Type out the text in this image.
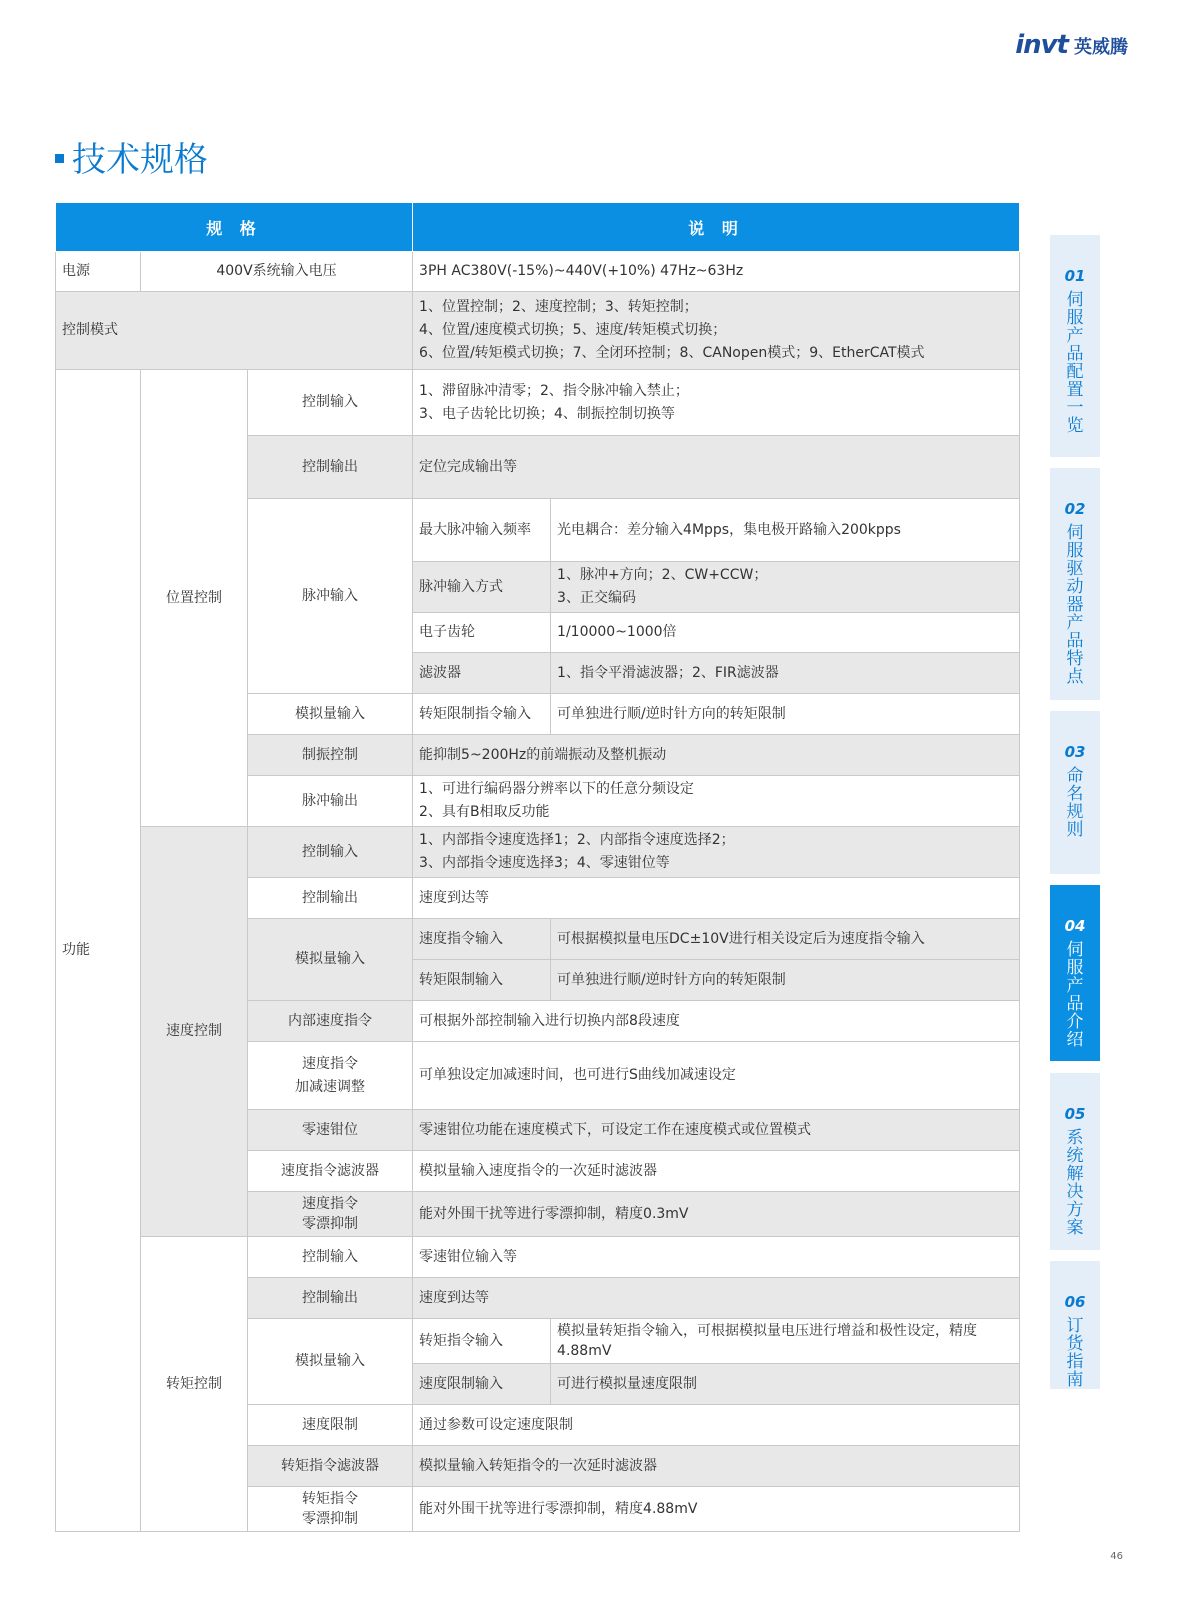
invt 英威腾
技术规格
规 格			说 明	
电源	400V系统输入电压		3PH AC380V(-15%)~440V(+10%) 47Hz~63Hz	
控制模式			1、位置控制；2、速度控制；3、转矩控制；
4、位置/速度模式切换；5、速度/转矩模式切换；
6、位置/转矩模式切换；7、全闭环控制；8、CANopen模式；9、EtherCAT模式	

功能	位置控制	控制输入	1、滞留脉冲清零；2、指令脉冲输入禁止；
3、电子齿轮比切换；4、制振控制切换等	

		控制输出	定位完成输出等	
		脉冲输入	最大脉冲输入频率	光电耦合：差分输入4Mpps，集电极开路输入200kpps
			脉冲输入方式	1、脉冲+方向；2、CW+CCW；
3、正交编码

			电子齿轮	1/10000~1000倍
			滤波器	1、指令平滑滤波器；2、FIR滤波器
		模拟量输入	转矩限制指令输入	可单独进行顺/逆时针方向的转矩限制
		制振控制	能抑制5~200Hz的前端振动及整机振动	
		脉冲输出	1、可进行编码器分辨率以下的任意分频设定
2、具有B相取反功能	

	速度控制	控制输入	1、内部指令速度选择1；2、内部指令速度选择2；
3、内部指令速度选择3；4、零速钳位等	

		控制输出	速度到达等	
		模拟量输入	速度指令输入	可根据模拟量电压DC±10V进行相关设定后为速度指令输入
			转矩限制输入	可单独进行顺/逆时针方向的转矩限制
		内部速度指令	可根据外部控制输入进行切换内部8段速度	

		速度指令
加减速调整	可单独设定加减速时间，也可进行S曲线加减速设定	
		零速钳位	零速钳位功能在速度模式下，可设定工作在速度模式或位置模式	
		速度指令滤波器	模拟量输入速度指令的一次延时滤波器	

		速度指令
零漂抑制	能对外围干扰等进行零漂抑制，精度0.3mV	
	转矩控制	控制输入	零速钳位输入等	
		控制输出	速度到达等	
		模拟量输入	转矩指令输入	模拟量转矩指令输入，可根据模拟量电压进行增益和极性设定，精度
4.88mV

			速度限制输入	可进行模拟量速度限制
		速度限制	通过参数可设定速度限制	
		转矩指令滤波器	模拟量输入转矩指令的一次延时滤波器	

		转矩指令
零漂抑制	能对外围干扰等进行零漂抑制，精度4.88mV	
01
伺服产品配置一览
02
伺服驱动器产品特点
03
命名规则
04
伺服产品介绍
05
系统解决方案
06
订货指南
46
